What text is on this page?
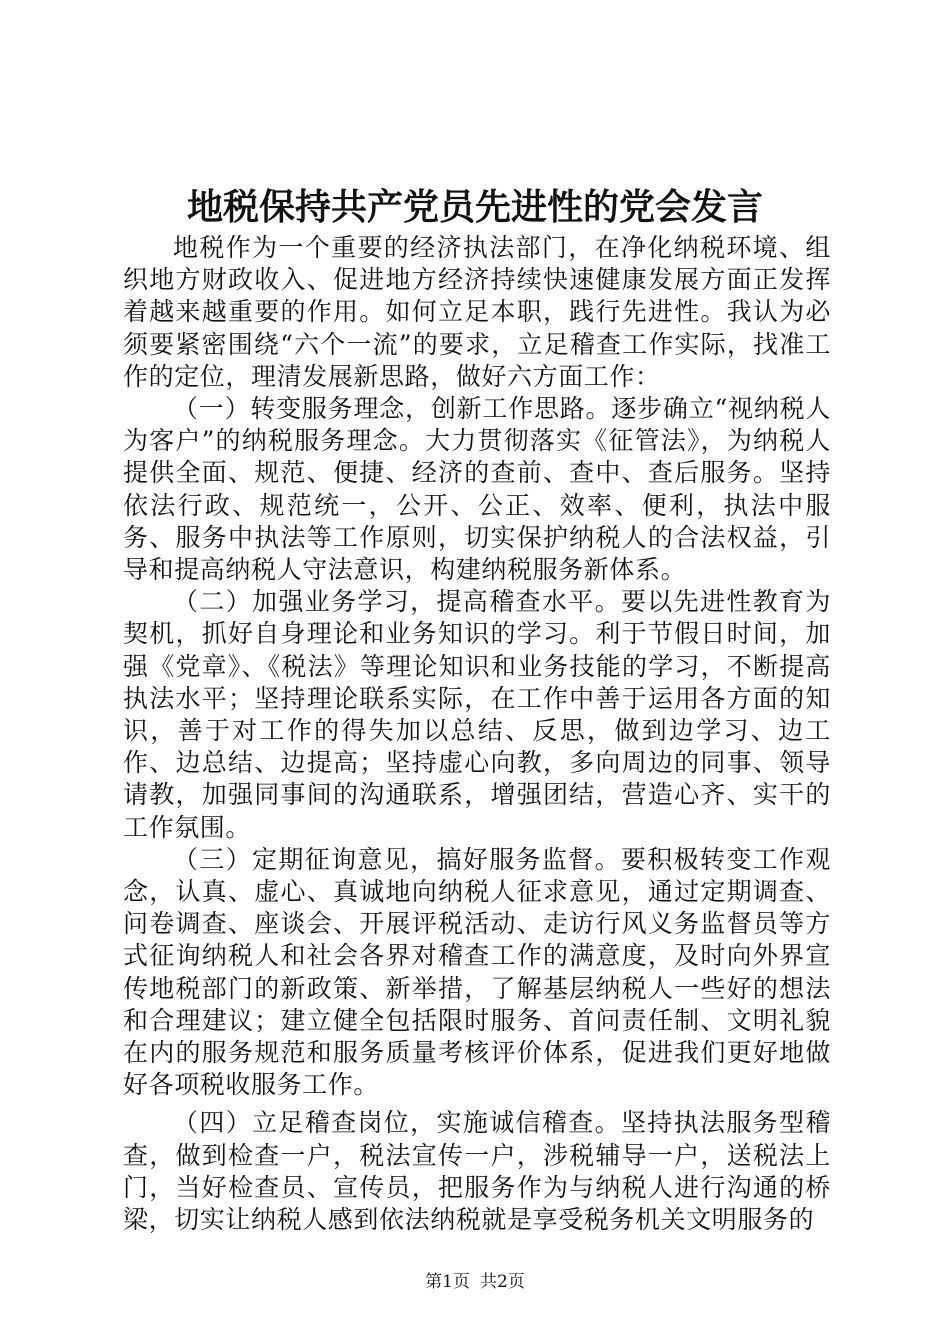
地税保持共产党员先进性的党会发言

地税作为一个重要的经济执法部门，在净化纳税环境、组织地方财政收入、促进地方经济持续快速健康发展方面正发挥着越来越重要的作用。如何立足本职，践行先进性。我认为必须要紧密围绕“六个一流”的要求，立足稽查工作实际，找准工作的定位，理清发展新思路，做好六方面工作：

（一）转变服务理念，创新工作思路。逐步确立“视纳税人为客户”的纳税服务理念。大力贯彻落实《征管法》，为纳税人提供全面、规范、便捷、经济的查前、查中、查后服务。坚持依法行政、规范统一，公开、公正、效率、便利，执法中服务、服务中执法等工作原则，切实保护纳税人的合法权益，引导和提高纳税人守法意识，构建纳税服务新体系。

（二）加强业务学习，提高稽查水平。要以先进性教育为契机，抓好自身理论和业务知识的学习。利于节假日时间，加强《党章》、《税法》等理论知识和业务技能的学习，不断提高执法水平；坚持理论联系实际，在工作中善于运用各方面的知识，善于对工作的得失加以总结、反思，做到边学习、边工作、边总结、边提高；坚持虚心向教，多向周边的同事、领导请教，加强同事间的沟通联系，增强团结，营造心齐、实干的工作氛围。

（三）定期征询意见，搞好服务监督。要积极转变工作观念，认真、虚心、真诚地向纳税人征求意见，通过定期调查、问卷调查、座谈会、开展评税活动、走访行风义务监督员等方式征询纳税人和社会各界对稽查工作的满意度，及时向外界宣传地税部门的新政策、新举措，了解基层纳税人一些好的想法和合理建议；建立健全包括限时服务、首问责任制、文明礼貌在内的服务规范和服务质量考核评价体系，促进我们更好地做好各项税收服务工作。

（四）立足稽查岗位，实施诚信稽查。坚持执法服务型稽查，做到检查一户，税法宣传一户，涉税辅导一户，送税法上门，当好检查员、宣传员，把服务作为与纳税人进行沟通的桥梁，切实让纳税人感到依法纳税就是享受税务机关文明服务的

第1页 共2页
